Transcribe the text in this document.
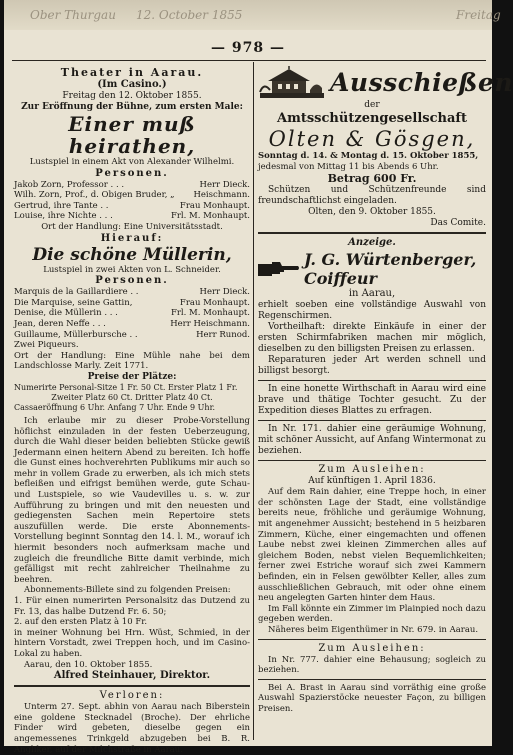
Ober Thurgau 12. October 1855	Freitag
— 978 —
Theater in Aarau.
(Im Casino.)
Freitag den 12. Oktober 1855.
Zur Eröffnung der Bühne, zum ersten Male:
Einer muß heirathen,
Lustspiel in einem Akt von Alexander Wilhelmi.
Personen.
Jakob Zorn, Professor . . .	Herr Dieck.
Wilh. Zorn, Prof., d. Obigen Bruder, „ Heischmann.
Gertrud, ihre Tante . .	Frau Monhaupt.
Louise, ihre Nichte . . .	Frl. M. Monhaupt.
Ort der Handlung: Eine Universitätsstadt.
Hierauf:
Die schöne Müllerin,
Lustspiel in zwei Akten von L. Schneider.
Personen.
Marquis de la Gaillardiere . .	Herr Dieck.
Die Marquise, seine Gattin,	Frau Monhaupt.
Denise, die Müllerin . . .	Frl. M. Monhaupt.
Jean, deren Neffe . . .	Herr Heischmann.
Guillaume, Müllerbursche . .	Herr Runod.
Zwei Piqueurs.
Ort der Handlung: Eine Mühle nahe bei dem Landschlosse Marly. Zeit 1771.
Preise der Plätze:
Numerirte Personal-Sitze 1 Fr. 50 Ct. Erster Platz 1 Fr.
Zweiter Platz 60 Ct. Dritter Platz 40 Ct.
Cassaeröffnung 6 Uhr. Anfang 7 Uhr. Ende 9 Uhr.

Ich erlaube mir zu dieser Probe-Vorstellung höflichst einzuladen in der festen Ueberzeugung, durch die Wahl dieser beiden beliebten Stücke gewiß Jedermann einen heitern Abend zu bereiten. Ich hoffe die Gunst eines hochverehrten Publikums mir auch so mehr in vollem Grade zu erwerben, als ich mich stets befleißen und eifrigst bemühen werde, gute Schau- und Lustspiele, so wie Vaudevilles u. s. w. zur Aufführung zu bringen und mit den neuesten und gediegensten Sachen mein Repertoire stets auszufüllen werde. Die erste Abonnements-Vorstellung beginnt Sonntag den 14. l. M., worauf ich hiermit besonders noch aufmerksam mache und zugleich die freundliche Bitte damit verbinde, mich gefälligst mit recht zahlreicher Theilnahme zu beehren.

Abonnements-Billete sind zu folgenden Preisen:

1. Für einen numerirten Personalsitz das Dutzend zu Fr. 13, das halbe Dutzend Fr. 6. 50;

2. auf den ersten Platz à 10 Fr.

in meiner Wohnung bei Hrn. Wüst, Schmied, in der hintern Vorstadt, zwei Treppen hoch, und im Casino-Lokal zu haben.

Aarau, den 10. Oktober 1855.

Alfred Steinhauer, Direktor.

Verloren:

Unterm 27. Sept. abhin von Aarau nach Biberstein eine goldene Stecknadel (Broche). Der ehrliche Finder wird gebeten, dieselbe gegen ein angemessenes Trinkgeld abzugeben bei B. R. Angliker, auf der Milchstraße in Aarau.

Ausschießen
der
Amtsschützengesellschaft
Olten & Gösgen,
Sonntag d. 14. & Montag d. 15. Oktober 1855,
jedesmal von Mittag 11 bis Abends 6 Uhr.
Betrag 600 Fr.
Schützen und Schützenfreunde sind freundschaftlichst eingeladen.
Olten, den 9. Oktober 1855.
Das Comite.
Anzeige.
J. G. Würtenberger, Coiffeur
in Aarau,

erhielt soeben eine vollständige Auswahl von Regenschirmen.

Vortheilhaft: direkte Einkäufe in einer der ersten Schirmfabriken machen mir möglich, dieselben zu den billigsten Preisen zu erlassen.

Reparaturen jeder Art werden schnell und billigst besorgt.

In eine honette Wirthschaft in Aarau wird eine brave und thätige Tochter gesucht. Zu der Expedition dieses Blattes zu erfragen.

In Nr. 171. dahier eine geräumige Wohnung, mit schöner Aussicht, auf Anfang Wintermonat zu beziehen.

Zum Ausleihen:
Auf künftigen 1. April 1836.

Auf dem Rain dahier, eine Treppe hoch, in einer der schönsten Lage der Stadt, eine vollständige bereits neue, fröhliche und geräumige Wohnung, mit angenehmer Aussicht; bestehend in 5 heizbaren Zimmern, Küche, einer eingemachten und offenen Laube nebst zwei kleinen Zimmerchen alles auf gleichem Boden, nebst vielen Bequemlichkeiten; ferner zwei Estriche worauf sich zwei Kammern befinden, ein in Felsen gewölbter Keller, alles zum ausschließlichen Gebrauch, mit oder ohne einem neu angelegten Garten hinter dem Haus.

Im Fall könnte ein Zimmer im Plainpied noch dazu gegeben werden.

Näheres beim Eigenthümer in Nr. 679. in Aarau.

Zum Ausleihen:

In Nr. 777. dahier eine Behausung; sogleich zu beziehen.

Bei A. Brast in Aarau sind vorräthig eine große Auswahl Spazierstöcke neuester Façon, zu billigen Preisen.
